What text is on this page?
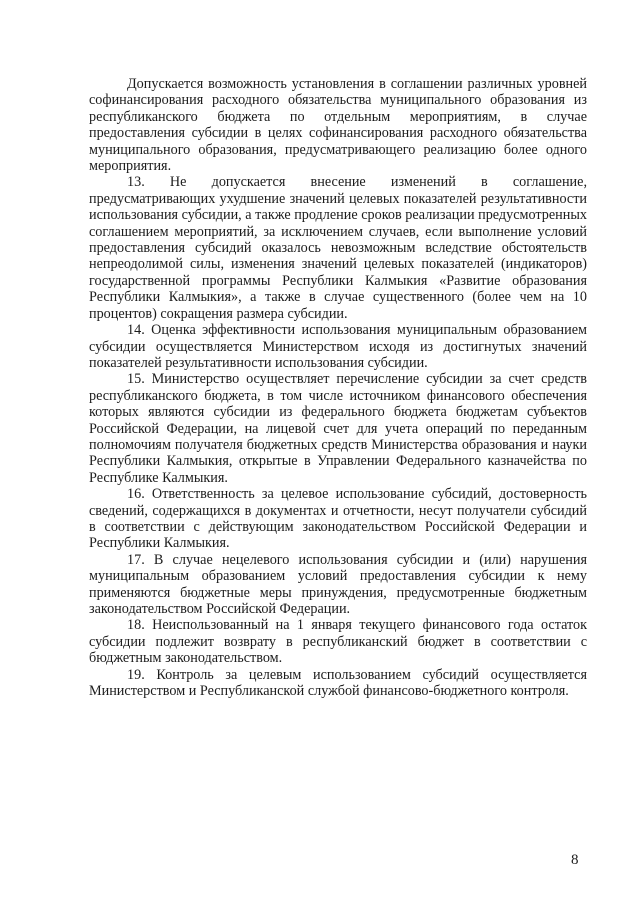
Допускается возможность установления в соглашении различных уровней софинансирования расходного обязательства муниципального образования из республиканского бюджета по отдельным мероприятиям, в случае предоставления субсидии в целях софинансирования расходного обязательства муниципального образования, предусматривающего реализацию более одного мероприятия.

13. Не допускается внесение изменений в соглашение, предусматривающих ухудшение значений целевых показателей результативности использования субсидии, а также продление сроков реализации предусмотренных соглашением мероприятий, за исключением случаев, если выполнение условий предоставления субсидий оказалось невозможным вследствие обстоятельств непреодолимой силы, изменения значений целевых показателей (индикаторов) государственной программы Республики Калмыкия «Развитие образования Республики Калмыкия», а также в случае существенного (более чем на 10 процентов) сокращения размера субсидии.

14. Оценка эффективности использования муниципальным образованием субсидии осуществляется Министерством исходя из достигнутых значений показателей результативности использования субсидии.

15. Министерство осуществляет перечисление субсидии за счет средств республиканского бюджета, в том числе источником финансового обеспечения которых являются субсидии из федерального бюджета бюджетам субъектов Российской Федерации, на лицевой счет для учета операций по переданным полномочиям получателя бюджетных средств Министерства образования и науки Республики Калмыкия, открытые в Управлении Федерального казначейства по Республике Калмыкия.

16. Ответственность за целевое использование субсидий, достоверность сведений, содержащихся в документах и отчетности, несут получатели субсидий в соответствии с действующим законодательством Российской Федерации и Республики Калмыкия.

17. В случае нецелевого использования субсидии и (или) нарушения муниципальным образованием условий предоставления субсидии к нему применяются бюджетные меры принуждения, предусмотренные бюджетным законодательством Российской Федерации.

18. Неиспользованный на 1 января текущего финансового года остаток субсидии подлежит возврату в республиканский бюджет в соответствии с бюджетным законодательством.

19. Контроль за целевым использованием субсидий осуществляется Министерством и Республиканской службой финансово-бюджетного контроля.

8
